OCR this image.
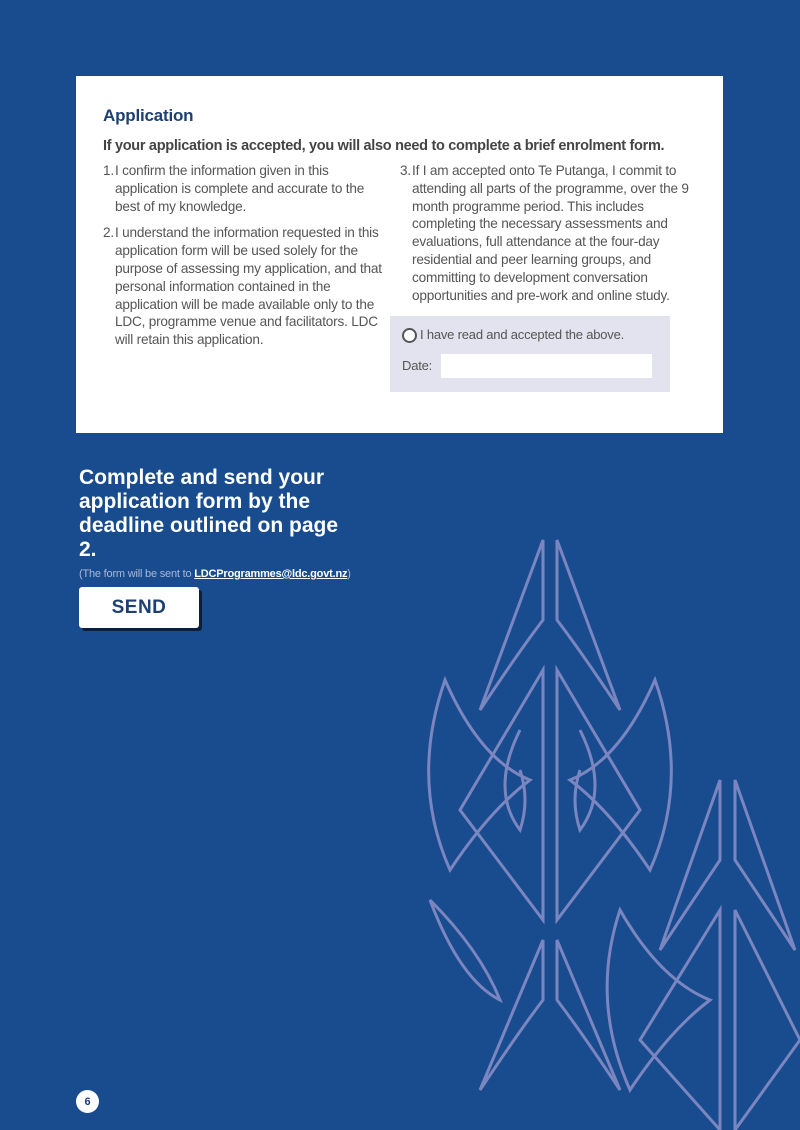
Application

If your application is accepted, you will also need to complete a brief enrolment form.

1. I confirm the information given in this application is complete and accurate to the best of my knowledge.
2. I understand the information requested in this application form will be used solely for the purpose of assessing my application, and that personal information contained in the application will be made available only to the LDC, programme venue and facilitators. LDC will retain this application.
3. If I am accepted onto Te Putanga, I commit to attending all parts of the programme, over the 9 month programme period. This includes completing the necessary assessments and evaluations, full attendance at the four-day residential and peer learning groups, and committing to development conversation opportunities and pre-work and online study.
I have read and accepted the above.
Date:
Complete and send your application form by the deadline outlined on page 2.
(The form will be sent to LDCProgrammes@ldc.govt.nz)
SEND
6
